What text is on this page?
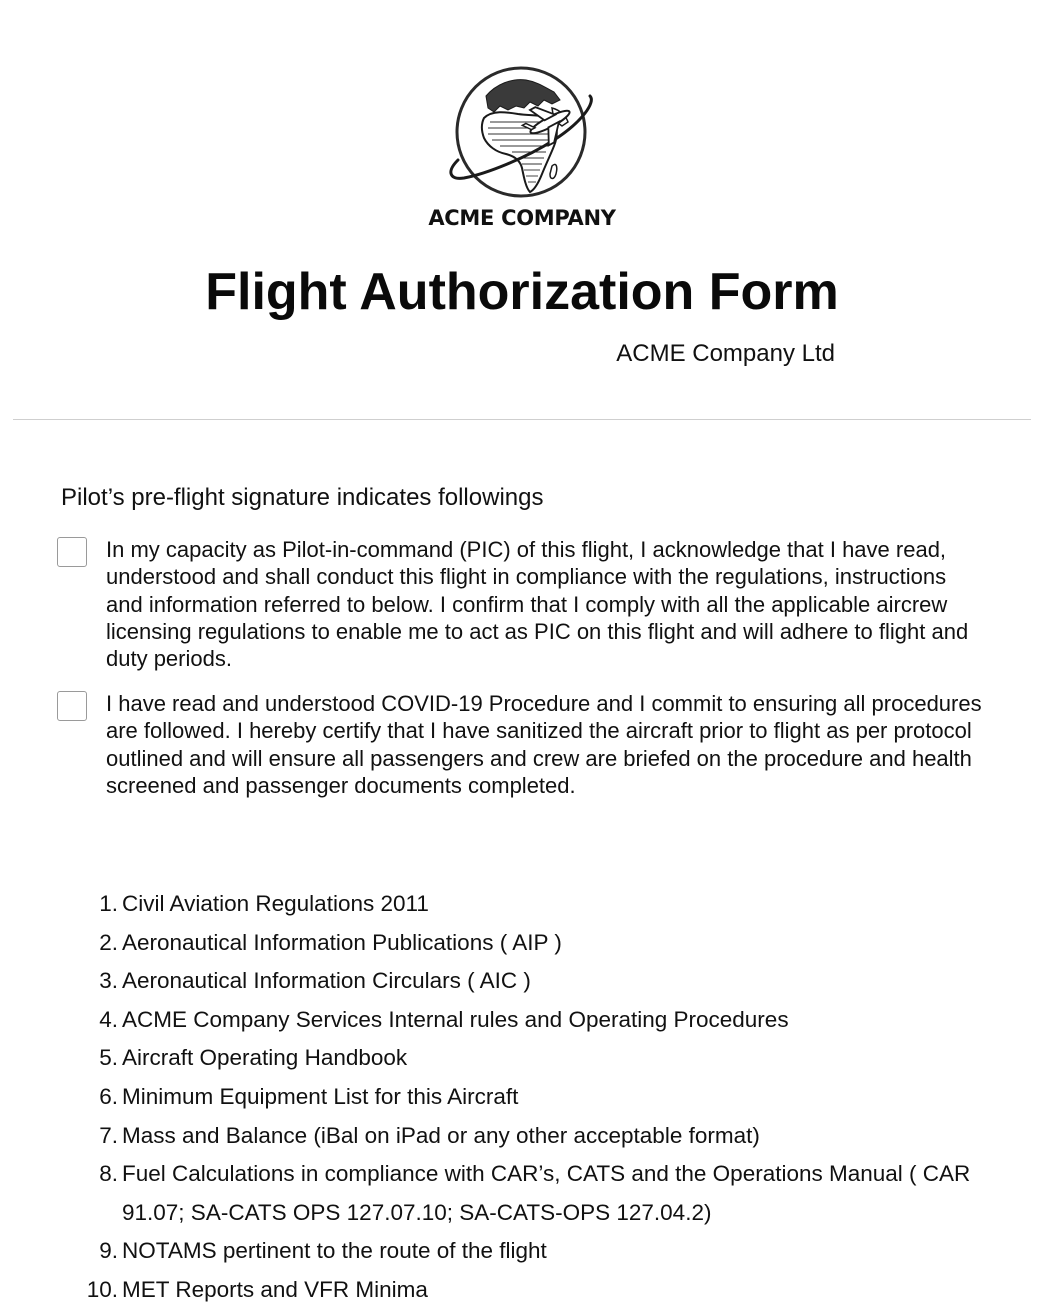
ACME COMPANY
Flight Authorization Form
ACME Company Ltd
Pilot’s pre-flight signature indicates followings
In my capacity as Pilot-in-command (PIC) of this flight, I acknowledge that I have read, understood and shall conduct this flight in compliance with the regulations, instructions and information referred to below. I confirm that I comply with all the applicable aircrew licensing regulations to enable me to act as PIC on this flight and will adhere to flight and duty periods.
I have read and understood COVID-19 Procedure and I commit to ensuring all procedures are followed. I hereby certify that I have sanitized the aircraft prior to flight as per protocol outlined and will ensure all passengers and crew are briefed on the procedure and health screened and passenger documents completed.
1. Civil Aviation Regulations 2011
2. Aeronautical Information Publications ( AIP )
3. Aeronautical Information Circulars ( AIC )
4. ACME Company Services Internal rules and Operating Procedures
5. Aircraft Operating Handbook
6. Minimum Equipment List for this Aircraft
7. Mass and Balance (iBal on iPad or any other acceptable format)
8. Fuel Calculations in compliance with CAR’s, CATS and the Operations Manual ( CAR 91.07; SA-CATS OPS 127.07.10; SA-CATS-OPS 127.04.2)
9. NOTAMS pertinent to the route of the flight
10. MET Reports and VFR Minima
